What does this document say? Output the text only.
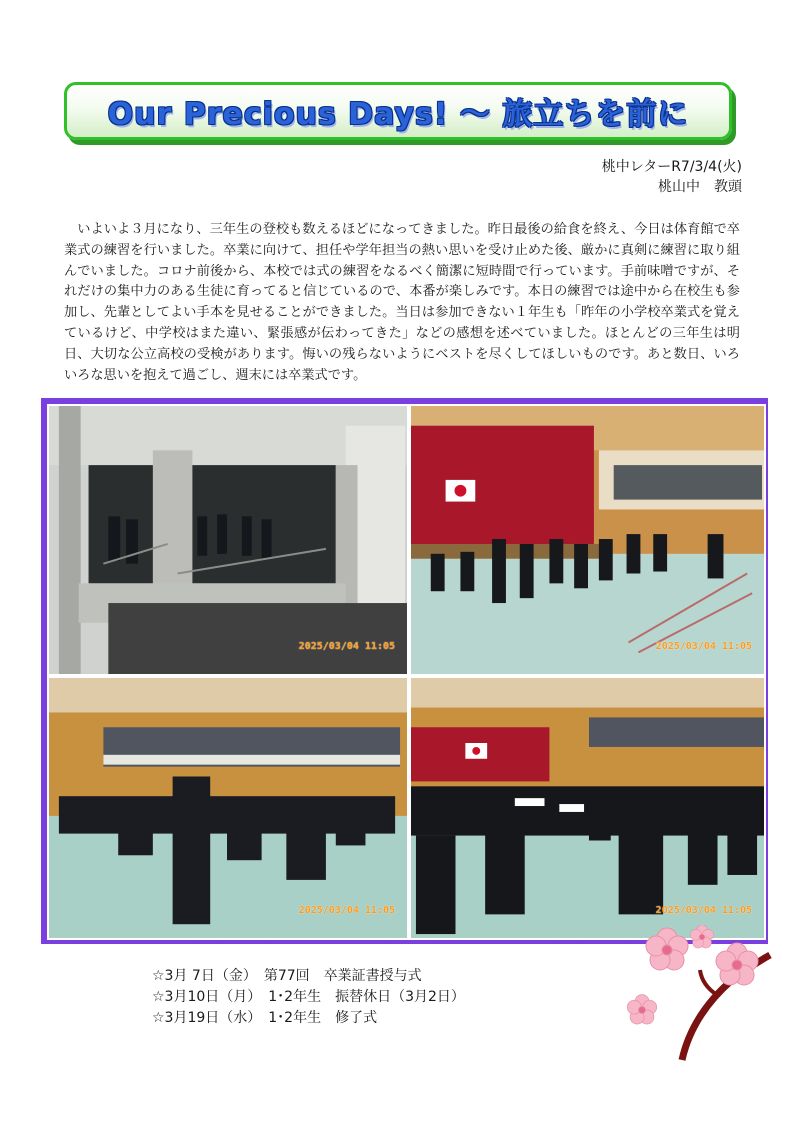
Our Precious Days! 〜 旅立ちを前に
桃中レターR7/3/4(火)
桃山中　教頭

　いよいよ３月になり、三年生の登校も数えるほどになってきました。昨日最後の給食を終え、今日は体育館で卒業式の練習を行いました。卒業に向けて、担任や学年担当の熱い思いを受け止めた後、厳かに真剣に練習に取り組んでいました。コロナ前後から、本校では式の練習をなるべく簡潔に短時間で行っています。手前味噌ですが、それだけの集中力のある生徒に育ってると信じているので、本番が楽しみです。本日の練習では途中から在校生も参加し、先輩としてよい手本を見せることができました。当日は参加できない１年生も「昨年の小学校卒業式を覚えているけど、中学校はまた違い、緊張感が伝わってきた」などの感想を述べていました。ほとんどの三年生は明日、大切な公立高校の受検があります。悔いの残らないようにベストを尽くしてほしいものです。あと数日、いろいろな思いを抱えて過ごし、週末には卒業式です。

2025/03/04 11:05	2025/03/04 11:05
2025/03/04 11:05	2025/03/04 11:05
☆3月 7日（金）　第77回　卒業証書授与式
☆3月10日（月）　1･2年生　振替休日（3月2日）
☆3月19日（水）　1･2年生　修了式
